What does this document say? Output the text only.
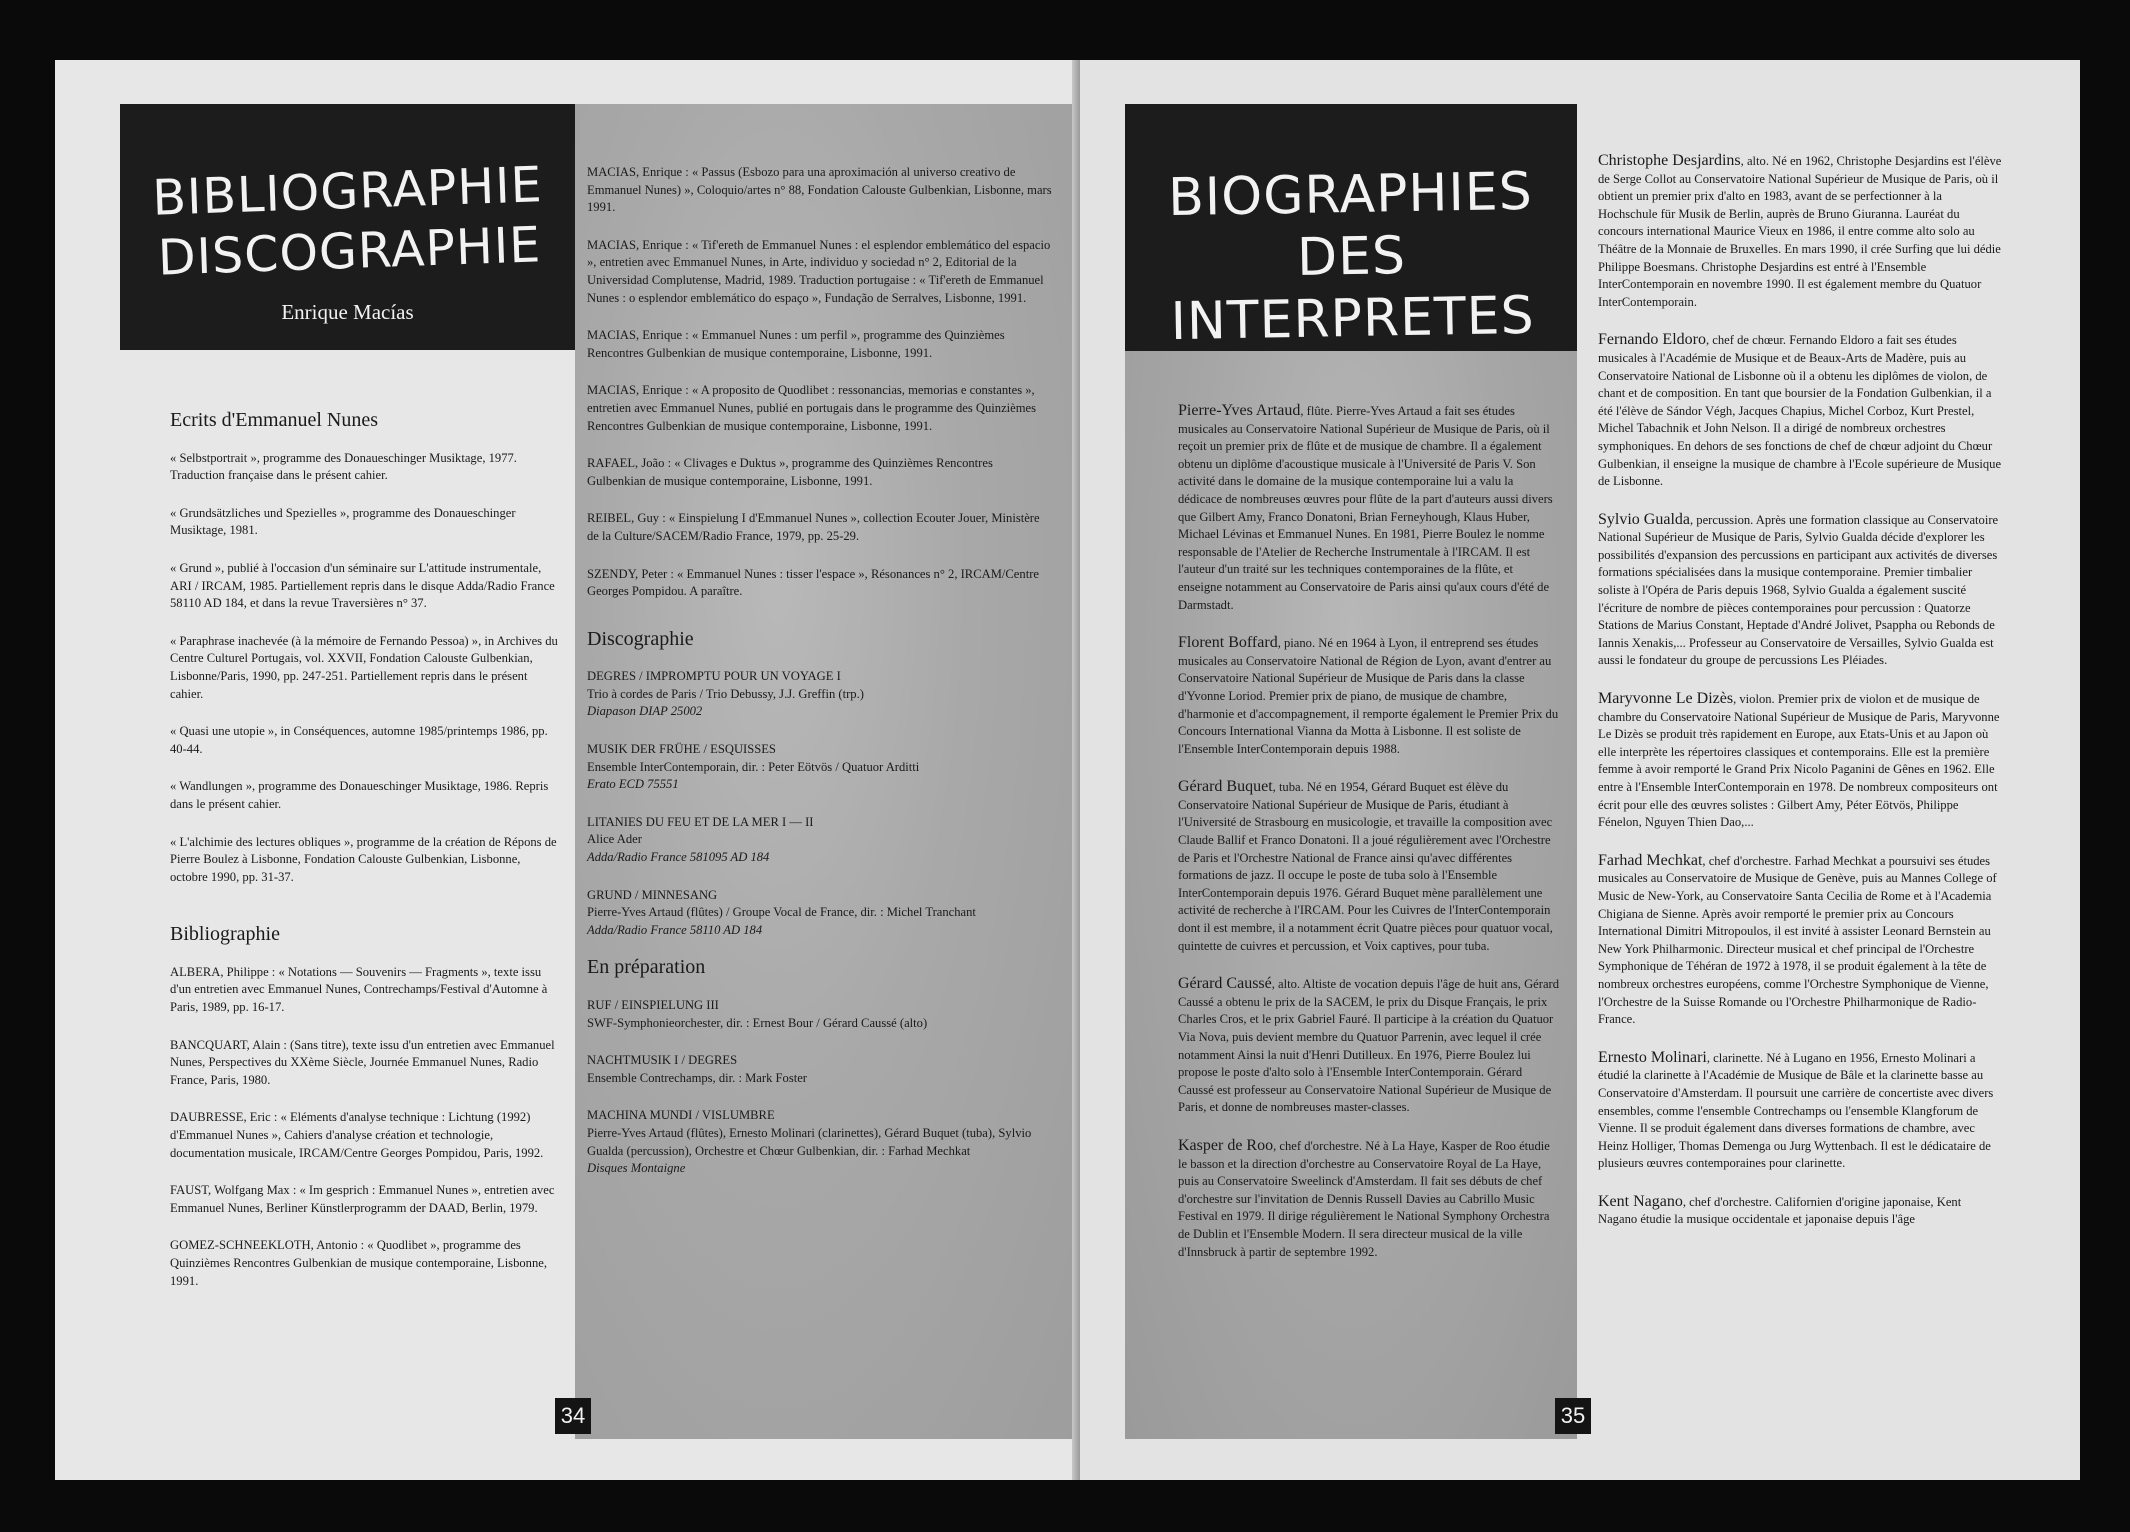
BIBLIOGRAPHIE
DISCOGRAPHIE
Enrique Macías
Ecrits d'Emmanuel Nunes

« Selbstportrait », programme des Donaueschinger Musiktage, 1977. Traduction française dans le présent cahier.

« Grundsätzliches und Spezielles », programme des Donaueschinger Musiktage, 1981.

« Grund », publié à l'occasion d'un séminaire sur L'attitude instrumentale, ARI / IRCAM, 1985. Partiellement repris dans le disque Adda/Radio France 58110 AD 184, et dans la revue Traversières n° 37.

« Paraphrase inachevée (à la mémoire de Fernando Pessoa) », in Archives du Centre Culturel Portugais, vol. XXVII, Fondation Calouste Gulbenkian, Lisbonne/Paris, 1990, pp. 247-251. Partiellement repris dans le présent cahier.

« Quasi une utopie », in Conséquences, automne 1985/printemps 1986, pp. 40-44.

« Wandlungen », programme des Donaueschinger Musiktage, 1986. Repris dans le présent cahier.

« L'alchimie des lectures obliques », programme de la création de Répons de Pierre Boulez à Lisbonne, Fondation Calouste Gulbenkian, Lisbonne, octobre 1990, pp. 31-37.

Bibliographie

ALBERA, Philippe : « Notations — Souvenirs — Fragments », texte issu d'un entretien avec Emmanuel Nunes, Contrechamps/Festival d'Automne à Paris, 1989, pp. 16-17.

BANCQUART, Alain : (Sans titre), texte issu d'un entretien avec Emmanuel Nunes, Perspectives du XXème Siècle, Journée Emmanuel Nunes, Radio France, Paris, 1980.

DAUBRESSE, Eric : « Eléments d'analyse technique : Lichtung (1992) d'Emmanuel Nunes », Cahiers d'analyse création et technologie, documentation musicale, IRCAM/Centre Georges Pompidou, Paris, 1992.

FAUST, Wolfgang Max : « Im gesprich : Emmanuel Nunes », entretien avec Emmanuel Nunes, Berliner Künstlerprogramm der DAAD, Berlin, 1979.

GOMEZ-SCHNEEKLOTH, Antonio : « Quodlibet », programme des Quinzièmes Rencontres Gulbenkian de musique contemporaine, Lisbonne, 1991.

MACIAS, Enrique : « Passus (Esbozo para una aproximación al universo creativo de Emmanuel Nunes) », Coloquio/artes n° 88, Fondation Calouste Gulbenkian, Lisbonne, mars 1991.

MACIAS, Enrique : « Tif'ereth de Emmanuel Nunes : el esplendor emblemático del espacio », entretien avec Emmanuel Nunes, in Arte, individuo y sociedad n° 2, Editorial de la Universidad Complutense, Madrid, 1989. Traduction portugaise : « Tif'ereth de Emmanuel Nunes : o esplendor emblemático do espaço », Fundação de Serralves, Lisbonne, 1991.

MACIAS, Enrique : « Emmanuel Nunes : um perfil », programme des Quinzièmes Rencontres Gulbenkian de musique contemporaine, Lisbonne, 1991.

MACIAS, Enrique : « A proposito de Quodlibet : ressonancias, memorias e constantes », entretien avec Emmanuel Nunes, publié en portugais dans le programme des Quinzièmes Rencontres Gulbenkian de musique contemporaine, Lisbonne, 1991.

RAFAEL, João : « Clivages e Duktus », programme des Quinzièmes Rencontres Gulbenkian de musique contemporaine, Lisbonne, 1991.

REIBEL, Guy : « Einspielung I d'Emmanuel Nunes », collection Ecouter Jouer, Ministère de la Culture/SACEM/Radio France, 1979, pp. 25-29.

SZENDY, Peter : « Emmanuel Nunes : tisser l'espace », Résonances n° 2, IRCAM/Centre Georges Pompidou. A paraître.

Discographie

DEGRES / IMPROMPTU POUR UN VOYAGE I
Trio à cordes de Paris / Trio Debussy, J.J. Greffin (trp.)
Diapason DIAP 25002

MUSIK DER FRÜHE / ESQUISSES
Ensemble InterContemporain, dir. : Peter Eötvös / Quatuor Arditti
Erato ECD 75551

LITANIES DU FEU ET DE LA MER I — II
Alice Ader
Adda/Radio France 581095 AD 184

GRUND / MINNESANG
Pierre-Yves Artaud (flûtes) / Groupe Vocal de France, dir. : Michel Tranchant
Adda/Radio France 58110 AD 184

En préparation

RUF / EINSPIELUNG III
SWF-Symphonieorchester, dir. : Ernest Bour / Gérard Caussé (alto)

NACHTMUSIK I / DEGRES
Ensemble Contrechamps, dir. : Mark Foster

MACHINA MUNDI / VISLUMBRE
Pierre-Yves Artaud (flûtes), Ernesto Molinari (clarinettes), Gérard Buquet (tuba), Sylvio Gualda (percussion), Orchestre et Chœur Gulbenkian, dir. : Farhad Mechkat
Disques Montaigne

34
BIOGRAPHIES
DES INTERPRETES

Pierre-Yves Artaud, flûte. Pierre-Yves Artaud a fait ses études musicales au Conservatoire National Supérieur de Musique de Paris, où il reçoit un premier prix de flûte et de musique de chambre. Il a également obtenu un diplôme d'acoustique musicale à l'Université de Paris V. Son activité dans le domaine de la musique contemporaine lui a valu la dédicace de nombreuses œuvres pour flûte de la part d'auteurs aussi divers que Gilbert Amy, Franco Donatoni, Brian Ferneyhough, Klaus Huber, Michael Lévinas et Emmanuel Nunes. En 1981, Pierre Boulez le nomme responsable de l'Atelier de Recherche Instrumentale à l'IRCAM. Il est l'auteur d'un traité sur les techniques contemporaines de la flûte, et enseigne notamment au Conservatoire de Paris ainsi qu'aux cours d'été de Darmstadt.

Florent Boffard, piano. Né en 1964 à Lyon, il entreprend ses études musicales au Conservatoire National de Région de Lyon, avant d'entrer au Conservatoire National Supérieur de Musique de Paris dans la classe d'Yvonne Loriod. Premier prix de piano, de musique de chambre, d'harmonie et d'accompagnement, il remporte également le Premier Prix du Concours International Vianna da Motta à Lisbonne. Il est soliste de l'Ensemble InterContemporain depuis 1988.

Gérard Buquet, tuba. Né en 1954, Gérard Buquet est élève du Conservatoire National Supérieur de Musique de Paris, étudiant à l'Université de Strasbourg en musicologie, et travaille la composition avec Claude Ballif et Franco Donatoni. Il a joué régulièrement avec l'Orchestre de Paris et l'Orchestre National de France ainsi qu'avec différentes formations de jazz. Il occupe le poste de tuba solo à l'Ensemble InterContemporain depuis 1976. Gérard Buquet mène parallèlement une activité de recherche à l'IRCAM. Pour les Cuivres de l'InterContemporain dont il est membre, il a notamment écrit Quatre pièces pour quatuor vocal, quintette de cuivres et percussion, et Voix captives, pour tuba.

Gérard Caussé, alto. Altiste de vocation depuis l'âge de huit ans, Gérard Caussé a obtenu le prix de la SACEM, le prix du Disque Français, le prix Charles Cros, et le prix Gabriel Fauré. Il participe à la création du Quatuor Via Nova, puis devient membre du Quatuor Parrenin, avec lequel il crée notamment Ainsi la nuit d'Henri Dutilleux. En 1976, Pierre Boulez lui propose le poste d'alto solo à l'Ensemble InterContemporain. Gérard Caussé est professeur au Conservatoire National Supérieur de Musique de Paris, et donne de nombreuses master-classes.

Kasper de Roo, chef d'orchestre. Né à La Haye, Kasper de Roo étudie le basson et la direction d'orchestre au Conservatoire Royal de La Haye, puis au Conservatoire Sweelinck d'Amsterdam. Il fait ses débuts de chef d'orchestre sur l'invitation de Dennis Russell Davies au Cabrillo Music Festival en 1979. Il dirige régulièrement le National Symphony Orchestra de Dublin et l'Ensemble Modern. Il sera directeur musical de la ville d'Innsbruck à partir de septembre 1992.

Christophe Desjardins, alto. Né en 1962, Christophe Desjardins est l'élève de Serge Collot au Conservatoire National Supérieur de Musique de Paris, où il obtient un premier prix d'alto en 1983, avant de se perfectionner à la Hochschule für Musik de Berlin, auprès de Bruno Giuranna. Lauréat du concours international Maurice Vieux en 1986, il entre comme alto solo au Théâtre de la Monnaie de Bruxelles. En mars 1990, il crée Surfing que lui dédie Philippe Boesmans. Christophe Desjardins est entré à l'Ensemble InterContemporain en novembre 1990. Il est également membre du Quatuor InterContemporain.

Fernando Eldoro, chef de chœur. Fernando Eldoro a fait ses études musicales à l'Académie de Musique et de Beaux-Arts de Madère, puis au Conservatoire National de Lisbonne où il a obtenu les diplômes de violon, de chant et de composition. En tant que boursier de la Fondation Gulbenkian, il a été l'élève de Sándor Végh, Jacques Chapius, Michel Corboz, Kurt Prestel, Michel Tabachnik et John Nelson. Il a dirigé de nombreux orchestres symphoniques. En dehors de ses fonctions de chef de chœur adjoint du Chœur Gulbenkian, il enseigne la musique de chambre à l'Ecole supérieure de Musique de Lisbonne.

Sylvio Gualda, percussion. Après une formation classique au Conservatoire National Supérieur de Musique de Paris, Sylvio Gualda décide d'explorer les possibilités d'expansion des percussions en participant aux activités de diverses formations spécialisées dans la musique contemporaine. Premier timbalier soliste à l'Opéra de Paris depuis 1968, Sylvio Gualda a également suscité l'écriture de nombre de pièces contemporaines pour percussion : Quatorze Stations de Marius Constant, Heptade d'André Jolivet, Psappha ou Rebonds de Iannis Xenakis,... Professeur au Conservatoire de Versailles, Sylvio Gualda est aussi le fondateur du groupe de percussions Les Pléiades.

Maryvonne Le Dizès, violon. Premier prix de violon et de musique de chambre du Conservatoire National Supérieur de Musique de Paris, Maryvonne Le Dizès se produit très rapidement en Europe, aux Etats-Unis et au Japon où elle interprète les répertoires classiques et contemporains. Elle est la première femme à avoir remporté le Grand Prix Nicolo Paganini de Gênes en 1962. Elle entre à l'Ensemble InterContemporain en 1978. De nombreux compositeurs ont écrit pour elle des œuvres solistes : Gilbert Amy, Péter Eötvös, Philippe Fénelon, Nguyen Thien Dao,...

Farhad Mechkat, chef d'orchestre. Farhad Mechkat a poursuivi ses études musicales au Conservatoire de Musique de Genève, puis au Mannes College of Music de New-York, au Conservatoire Santa Cecilia de Rome et à l'Academia Chigiana de Sienne. Après avoir remporté le premier prix au Concours International Dimitri Mitropoulos, il est invité à assister Leonard Bernstein au New York Philharmonic. Directeur musical et chef principal de l'Orchestre Symphonique de Téhéran de 1972 à 1978, il se produit également à la tête de nombreux orchestres européens, comme l'Orchestre Symphonique de Vienne, l'Orchestre de la Suisse Romande ou l'Orchestre Philharmonique de Radio-France.

Ernesto Molinari, clarinette. Né à Lugano en 1956, Ernesto Molinari a étudié la clarinette à l'Académie de Musique de Bâle et la clarinette basse au Conservatoire d'Amsterdam. Il poursuit une carrière de concertiste avec divers ensembles, comme l'ensemble Contrechamps ou l'ensemble Klangforum de Vienne. Il se produit également dans diverses formations de chambre, avec Heinz Holliger, Thomas Demenga ou Jurg Wyttenbach. Il est le dédicataire de plusieurs œuvres contemporaines pour clarinette.

Kent Nagano, chef d'orchestre. Californien d'origine japonaise, Kent Nagano étudie la musique occidentale et japonaise depuis l'âge

35
